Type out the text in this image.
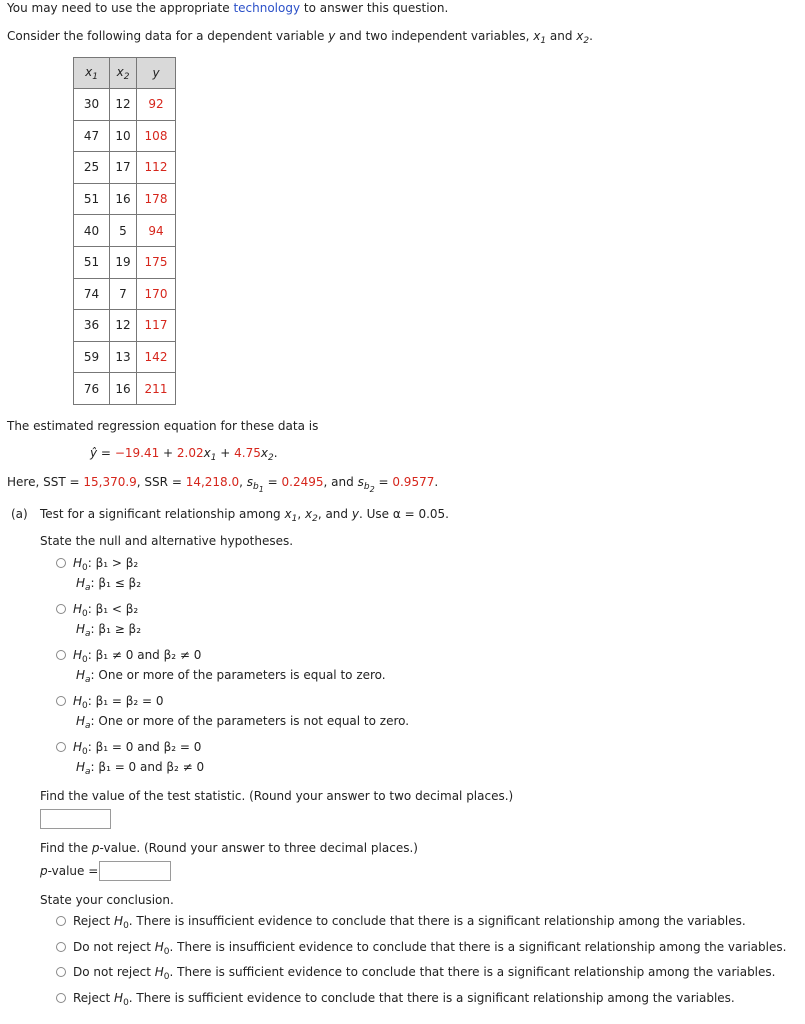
You may need to use the appropriate technology to answer this question.
Consider the following data for a dependent variable y and two independent variables, $x_1$ and $x_2$.
$x_1$	$x_2$	y
30	12	92
47	10	108
25	17	112
51	16	178
40	5	94
51	19	175
74	7	170
36	12	117
59	13	142
76	16	211
The estimated regression equation for these data is
ŷ = $-19.41 + 2.02x_1 + 4.75x_2$.
Here, SST = 15,370.9, SSR = 14,218.0, $s_{b_1} = 0.2495$, and $s_{b_2} = 0.9577$.
(a) Test for a significant relationship among $x_1$, $x_2$, and y. Use α = 0.05.
State the null and alternative hypotheses.
$H_0$: β₁ > β₂
$H_a$: β₁ ≤ β₂
$H_0$: β₁ < β₂
$H_a$: β₁ ≥ β₂
$H_0$: β₁ ≠ 0 and β₂ ≠ 0
$H_a$: One or more of the parameters is equal to zero.
$H_0$: β₁ = β₂ = 0
$H_a$: One or more of the parameters is not equal to zero.
$H_0$: β₁ = 0 and β₂ = 0
$H_a$: β₁ = 0 and β₂ ≠ 0
Find the value of the test statistic. (Round your answer to two decimal places.)
Find the p-value. (Round your answer to three decimal places.)
p-value =
State your conclusion.
Reject $H_0$. There is insufficient evidence to conclude that there is a significant relationship among the variables.
Do not reject $H_0$. There is insufficient evidence to conclude that there is a significant relationship among the variables.
Do not reject $H_0$. There is sufficient evidence to conclude that there is a significant relationship among the variables.
Reject $H_0$. There is sufficient evidence to conclude that there is a significant relationship among the variables.
